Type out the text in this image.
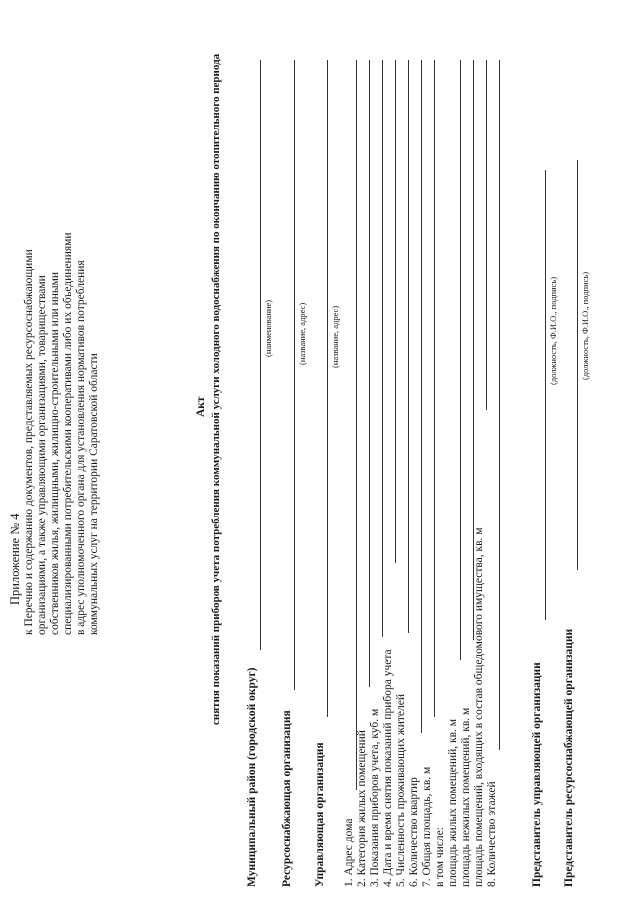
Приложение № 4 к Перечню и содержанию документов, представляемых ресурсоснабжающими организациями, а также управляющими организациями, товариществами собственников жилья, жилищными, жилищно-строительными или иными специализированными потребительскими кооперативами либо их объединениями в адрес уполномоченного органа для установления нормативов потребления коммунальных услуг на территории Саратовской области	Акт снятия показаний приборов учета потребления коммунальной услуги холодного водоснабжения по окончанию отопительного периода
Муниципальный район (городской округ)
(наименование)
Ресурсоснабжающая организация
(название, адрес)
Управляющая организация
(название, адрес)
1. Адрес дома 2. Категория жилых помещений 3. Показания приборов учета, куб. м 4. Дата и время снятия показаний прибора учета 5. Численность проживающих жителей 6. Количество квартир 7. Общая площадь, кв. м в том числе: площадь жилых помещений, кв. м площадь нежилых помещений, кв. м площадь помещений, входящих в состав общедомового имущества, кв. м 8. Количество этажей	Представитель управляющей организации
(должность, Ф.И.О., подпись)
Представитель ресурсоснабжающей организации
(должность, Ф.И.О., подпись)
